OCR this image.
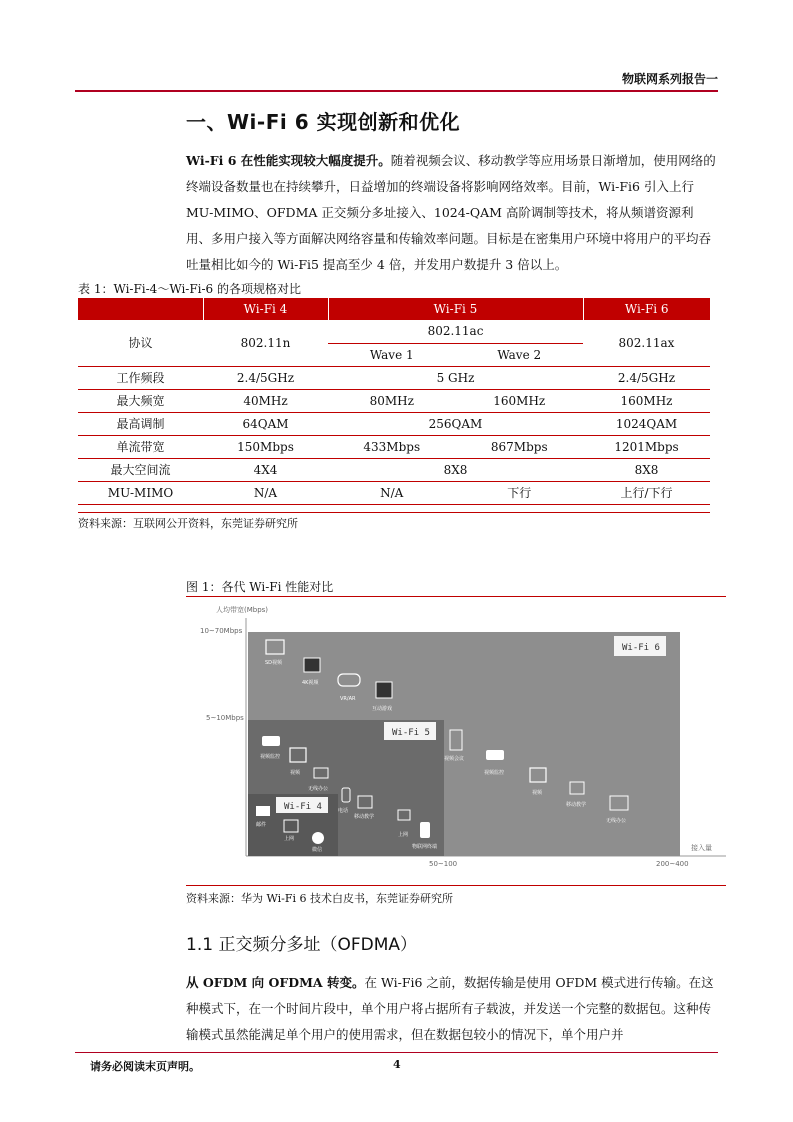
物联网系列报告一
一、Wi-Fi 6 实现创新和优化

Wi-Fi 6 在性能实现较大幅度提升。随着视频会议、移动教学等应用场景日渐增加，使用网络的终端设备数量也在持续攀升，日益增加的终端设备将影响网络效率。目前，Wi-Fi6 引入上行 MU-MIMO、OFDMA 正交频分多址接入、1024-QAM 高阶调制等技术，将从频谱资源利用、多用户接入等方面解决网络容量和传输效率问题。目标是在密集用户环境中将用户的平均吞吐量相比如今的 Wi-Fi5 提高至少 4 倍，并发用户数提升 3 倍以上。

表 1：Wi-Fi-4～Wi-Fi-6 的各项规格对比
	Wi-Fi 4	Wi-Fi 5		Wi-Fi 6
协议	802.11n	802.11ac		802.11ax
		Wave 1	Wave 2	
工作频段	2.4/5GHz	5 GHz		2.4/5GHz
最大频宽	40MHz	80MHz	160MHz	160MHz
最高调制	64QAM	256QAM		1024QAM
单流带宽	150Mbps	433Mbps	867Mbps	1201Mbps
最大空间流	4X4	8X8		8X8
MU-MIMO	N/A	N/A	下行	上行/下行
资料来源：互联网公开资料，东莞证券研究所
图 1：各代 Wi-Fi 性能对比
人均带宽(Mbps)
10~70Mbps
5~10Mbps
接入量
50~100	200~400
Wi-Fi 6
Wi-Fi 5
Wi-Fi 4
SD视频
4K视频
VR/AR
互动游戏
视频监控
视频
无线办公
邮件
上网
微信
电话
移动教学
上网
物联网终端
视频会议
视频监控
视频
移动教学
无线办公
资料来源：华为 Wi-Fi 6 技术白皮书，东莞证券研究所
1.1 正交频分多址（OFDMA）

从 OFDM 向 OFDMA 转变。在 Wi-Fi6 之前，数据传输是使用 OFDM 模式进行传输。在这种模式下，在一个时间片段中，单个用户将占据所有子载波，并发送一个完整的数据包。这种传输模式虽然能满足单个用户的使用需求，但在数据包较小的情况下，单个用户并

请务必阅读末页声明。	4
